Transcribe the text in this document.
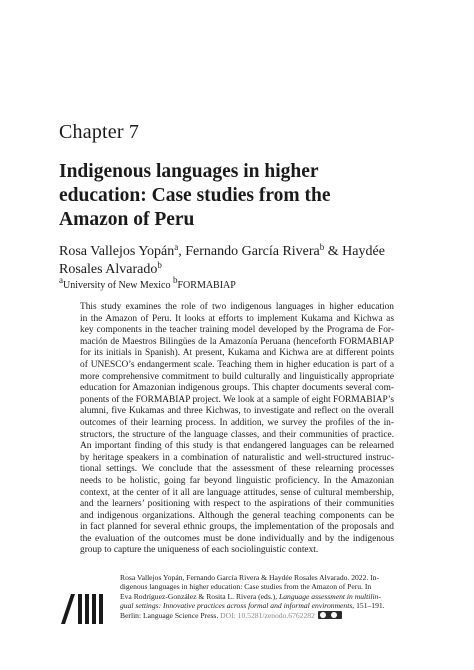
Chapter 7
Indigenous languages in higher
education: Case studies from the
Amazon of Peru
Rosa Vallejos Yopán$^a$, Fernando García Rivera$^b$ & Haydée
Rosales Alvarado$^b$
$^a$University of New Mexico $^b$FORMABIAP
This study examines the role of two indigenous languages in higher education
in the Amazon of Peru. It looks at efforts to implement Kukama and Kichwa as
key components in the teacher training model developed by the Programa de For-
mación de Maestros Bilingües de la Amazonía Peruana (henceforth FORMABIAP
for its initials in Spanish). At present, Kukama and Kichwa are at different points
of UNESCO’s endangerment scale. Teaching them in higher education is part of a
more comprehensive commitment to build culturally and linguistically appropriate
education for Amazonian indigenous groups. This chapter documents several com-
ponents of the FORMABIAP project. We look at a sample of eight FORMABIAP’s
alumni, five Kukamas and three Kichwas, to investigate and reflect on the overall
outcomes of their learning process. In addition, we survey the profiles of the in-
structors, the structure of the language classes, and their communities of practice.
An important finding of this study is that endangered languages can be relearned
by heritage speakers in a combination of naturalistic and well-structured instruc-
tional settings. We conclude that the assessment of these relearning processes
needs to be holistic, going far beyond linguistic proficiency. In the Amazonian
context, at the center of it all are language attitudes, sense of cultural membership,
and the learners’ positioning with respect to the aspirations of their communities
and indigenous organizations. Although the general teaching components can be
in fact planned for several ethnic groups, the implementation of the proposals and
the evaluation of the outcomes must be done individually and by the indigenous
group to capture the uniqueness of each sociolinguistic context.
Rosa Vallejos Yopán, Fernando García Rivera & Haydée Rosales Alvarado. 2022. In-
digenous languages in higher education: Case studies from the Amazon of Peru. In
Eva Rodríguez-González & Rosita L. Rivera (eds.), Language assessment in multilin-
gual settings: Innovative practices across formal and informal environments, 151–191.
Berlin: Language Science Press. DOI: 10.5281/zenodo.6762282
